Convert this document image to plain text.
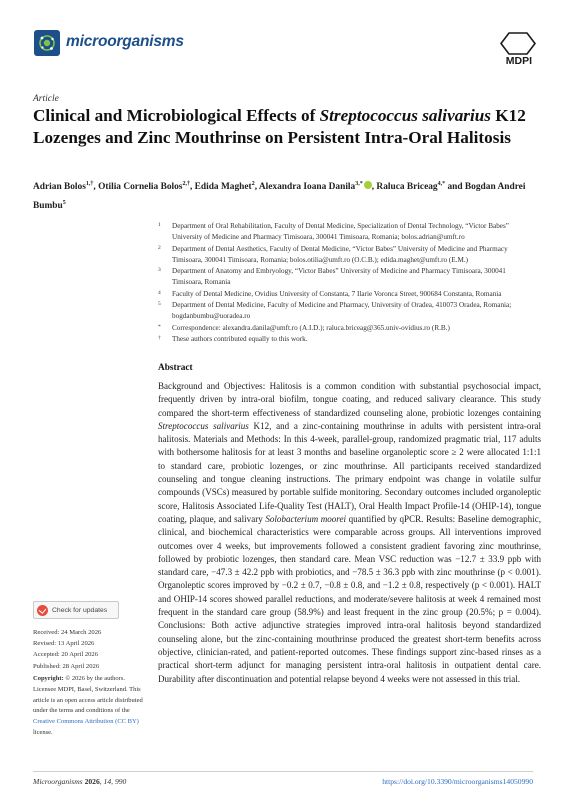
microorganisms
MDPI
Article
Clinical and Microbiological Effects of Streptococcus salivarius K12 Lozenges and Zinc Mouthrinse on Persistent Intra-Oral Halitosis
Adrian Bolos$^{1,\dagger}$, Otilia Cornelia Bolos$^{2,\dagger}$, Edida Maghet$^2$, Alexandra Ioana Danila$^{3,*}$ , Raluca Briceag$^{4,*}$ and Bogdan Andrei Bumbu$^5$
1 Department of Oral Rehabilitation, Faculty of Dental Medicine, Specialization of Dental Technology, “Victor Babes” University of Medicine and Pharmacy Timisoara, 300041 Timisoara, Romania; bolos.adrian@umft.ro
2 Department of Dental Aesthetics, Faculty of Dental Medicine, “Victor Babes” University of Medicine and Pharmacy Timisoara, 300041 Timisoara, Romania; bolos.otilia@umft.ro (O.C.B.); edida.maghet@umft.ro (E.M.)
3 Department of Anatomy and Embryology, “Victor Babes” University of Medicine and Pharmacy Timisoara, 300041 Timisoara, Romania
4 Faculty of Dental Medicine, Ovidius University of Constanta, 7 Ilarie Voronca Street, 900684 Constanta, Romania
5 Department of Dental Medicine, Faculty of Medicine and Pharmacy, University of Oradea, 410073 Oradea, Romania; bogdanbumbu@uoradea.ro
* Correspondence: alexandra.danila@umft.ro (A.I.D.); raluca.briceag@365.univ-ovidius.ro (R.B.)
† These authors contributed equally to this work.
Abstract
Background and Objectives: Halitosis is a common condition with substantial psychosocial impact, frequently driven by intra-oral biofilm, tongue coating, and reduced salivary clearance. This study compared the short-term effectiveness of standardized counseling alone, probiotic lozenges containing Streptococcus salivarius K12, and a zinc-containing mouthrinse in adults with persistent intra-oral halitosis. Materials and Methods: In this 4-week, parallel-group, randomized pragmatic trial, 117 adults with bothersome halitosis for at least 3 months and baseline organoleptic score ≥ 2 were allocated 1:1:1 to standard care, probiotic lozenges, or zinc mouthrinse. All participants received standardized counseling and tongue cleaning instructions. The primary endpoint was change in volatile sulfur compounds (VSCs) measured by portable sulfide monitoring. Secondary outcomes included organoleptic score, Halitosis Associated Life-Quality Test (HALT), Oral Health Impact Profile-14 (OHIP-14), tongue coating, plaque, and salivary Solobacterium moorei quantified by qPCR. Results: Baseline demographic, clinical, and biochemical characteristics were comparable across groups. All interventions improved outcomes over 4 weeks, but improvements followed a consistent gradient favoring zinc mouthrinse, followed by probiotic lozenges, then standard care. Mean VSC reduction was −12.7 ± 33.9 ppb with standard care, −47.3 ± 42.2 ppb with probiotics, and −78.5 ± 36.3 ppb with zinc mouthrinse (p < 0.001). Organoleptic scores improved by −0.2 ± 0.7, −0.8 ± 0.8, and −1.2 ± 0.8, respectively (p < 0.001). HALT and OHIP-14 scores showed parallel reductions, and moderate/severe halitosis at week 4 remained most frequent in the standard care group (58.9%) and least frequent in the zinc group (20.5%; p = 0.004). Conclusions: Both active adjunctive strategies improved intra-oral halitosis beyond standardized counseling alone, but the zinc-containing mouthrinse produced the greatest short-term benefits across objective, clinician-rated, and patient-reported outcomes. These findings support zinc-based rinses as a practical short-term adjunct for managing persistent intra-oral halitosis in outpatient dental care. Durability after discontinuation and potential relapse beyond 4 weeks were not assessed in this trial.
Check for updates
Received: 24 March 2026
Revised: 13 April 2026
Accepted: 20 April 2026
Published: 28 April 2026
Copyright: © 2026 by the authors. Licensee MDPI, Basel, Switzerland. This article is an open access article distributed under the terms and conditions of the Creative Commons Attribution (CC BY) license.
Microorganisms 2026, 14, 990	https://doi.org/10.3390/microorganisms14050990
